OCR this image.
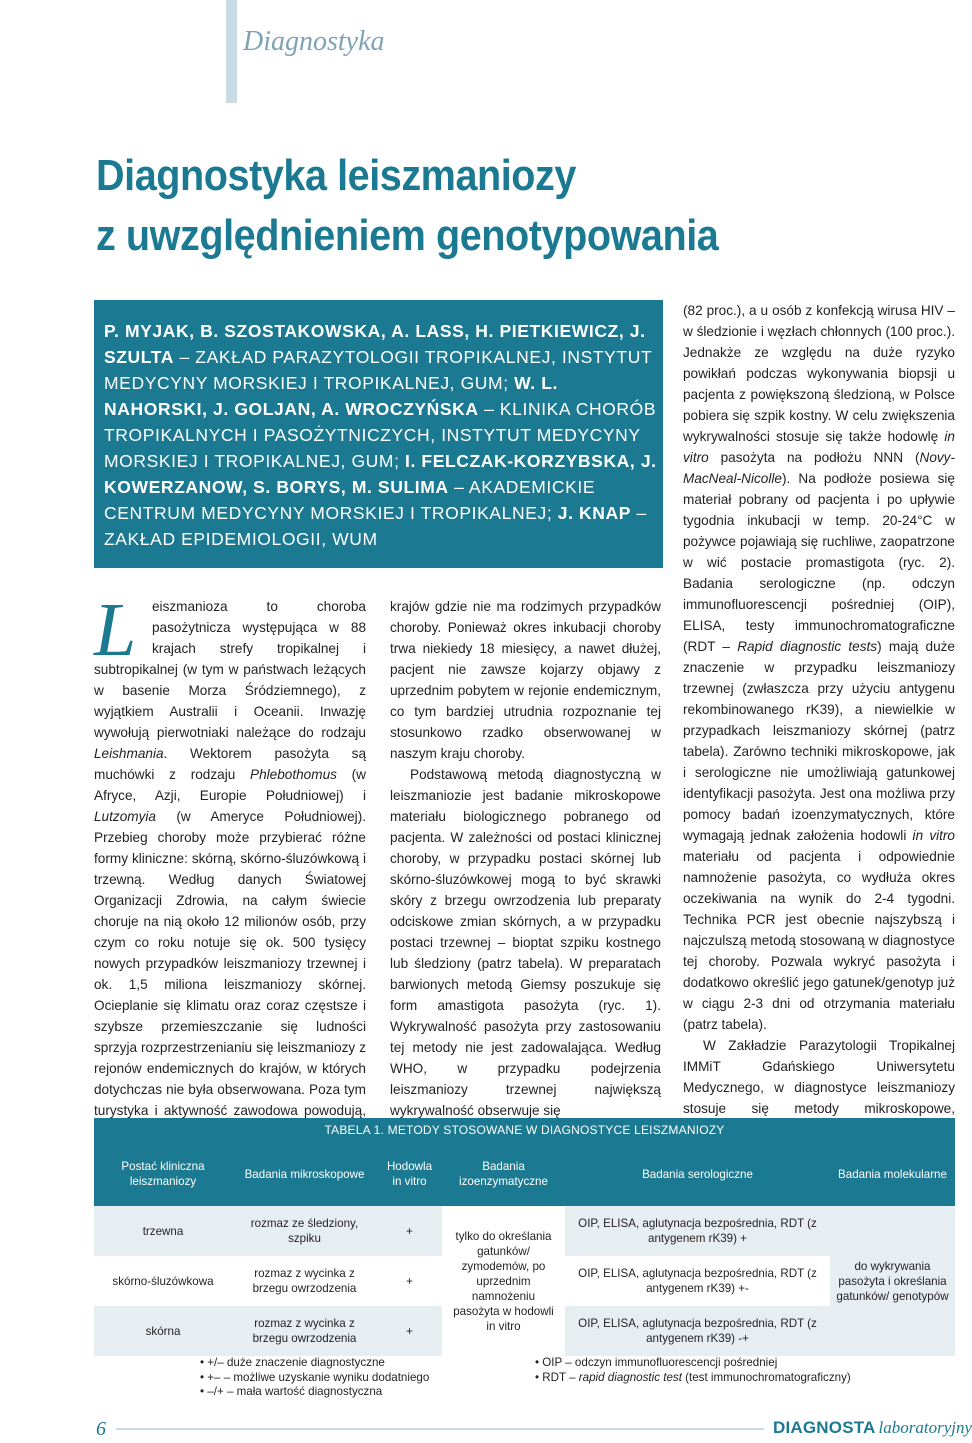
Diagnostyka
Diagnostyka leiszmaniozy
z uwzględnieniem genotypowania
P. MYJAK, B. SZOSTAKOWSKA, A. LASS, H. PIETKIEWICZ, J. SZULTA – ZAKŁAD PARAZYTOLOGII TROPIKALNEJ, INSTYTUT MEDYCYNY MORSKIEJ I TROPIKALNEJ, GUM; W. L. NAHORSKI, J. GOLJAN, A. WROCZYŃSKA – KLINIKA CHORÓB TROPIKALNYCH I PASOŻYTNICZYCH, INSTYTUT MEDYCYNY MORSKIEJ I TROPIKALNEJ, GUM; I. FELCZAK-KORZYBSKA, J. KOWERZANOW, S. BORYS, M. SULIMA – AKADEMICKIE CENTRUM MEDYCYNY MORSKIEJ I TROPIKALNEJ; J. KNAP – ZAKŁAD EPIDEMIOLOGII, WUM

L	eiszmanioza to choroba pasożytnicza występująca w 88 krajach strefy tropikalnej i subtropikalnej (w tym w państwach leżących w basenie Morza Śródziemnego), z wyjątkiem Australii i Oceanii. Inwazję wywołują pierwotniaki należące do rodzaju Leishmania. Wektorem pasożyta są muchówki z rodzaju Phlebothomus (w Afryce, Azji, Europie Południowej) i Lutzomyia (w Ameryce Południowej). Przebieg choroby może przybierać różne formy kliniczne: skórną, skórno-śluzówkową i trzewną. Według danych Światowej Organizacji Zdrowia, na całym świecie choruje na nią około 12 milionów osób, przy czym co roku notuje się ok. 500 tysięcy nowych przypadków leiszmaniozy trzewnej i ok. 1,5 miliona leiszmaniozy skórnej. Ocieplanie się klimatu oraz coraz częstsze i szybsze przemieszczanie się ludności sprzyja rozprzestrzenianiu się leiszmaniozy z rejonów endemicznych do krajów, w których dotychczas nie była obserwowana. Poza tym turystyka i aktywność zawodowa powodują,

krajów gdzie nie ma rodzimych przypadków choroby. Ponieważ okres inkubacji choroby trwa niekiedy 18 miesięcy, a nawet dłużej, pacjent nie zawsze kojarzy objawy z uprzednim pobytem w rejonie endemicznym, co tym bardziej utrudnia rozpoznanie tej stosunkowo rzadko obserwowanej w naszym kraju choroby.

Podstawową metodą diagnostyczną w leiszmaniozie jest badanie mikroskopowe materiału biologicznego pobranego od pacjenta. W zależności od postaci klinicznej choroby, w przypadku postaci skórnej lub skórno-śluzówkowej mogą to być skrawki skóry z brzegu owrzodzenia lub preparaty odciskowe zmian skórnych, a w przypadku postaci trzewnej – bioptat szpiku kostnego lub śledziony (patrz tabela). W preparatach barwionych metodą Giemsy poszukuje się form amastigota pasożyta (ryc. 1). Wykrywalność pasożyta przy zastosowaniu tej metody nie jest zadowalająca. Według WHO, w przypadku podejrzenia leiszmaniozy trzewnej największą wykrywalność obserwuje się

(82 proc.), a u osób z konfekcją wirusa HIV – w śledzionie i węzłach chłonnych (100 proc.). Jednakże ze względu na duże ryzyko powikłań podczas wykonywania biopsji u pacjenta z powiększoną śledzioną, w Polsce pobiera się szpik kostny. W celu zwiększenia wykrywalności stosuje się także hodowlę in vitro pasożyta na podłożu NNN (Novy-MacNeal-Nicolle). Na podłoże posiewa się materiał pobrany od pacjenta i po upływie tygodnia inkubacji w temp. 20-24°C w pożywce pojawiają się ruchliwe, zaopatrzone w wić postacie promastigota (ryc. 2). Badania serologiczne (np. odczyn immunofluorescencji pośredniej (OIP), ELISA, testy immunochromatograficzne (RDT – Rapid diagnostic tests) mają duże znaczenie w przypadku leiszmaniozy trzewnej (zwłaszcza przy użyciu antygenu rekombinowanego rK39), a niewielkie w przypadkach leiszmaniozy skórnej (patrz tabela). Zarówno techniki mikroskopowe, jak i serologiczne nie umożliwiają gatunkowej identyfikacji pasożyta. Jest ona możliwa przy pomocy badań izoenzymatycznych, które wymagają jednak założenia hodowli in vitro materiału od pacjenta i odpowiednie namnożenie pasożyta, co wydłuża okres oczekiwania na wynik do 2-4 tygodni. Technika PCR jest obecnie najszybszą i najczulszą metodą stosowaną w diagnostyce tej choroby. Pozwala wykryć pasożyta i dodatkowo określić jego gatunek/genotyp już w ciągu 2-3 dni od otrzymania materiału (patrz tabela).

W Zakładzie Parazytologii Tropikalnej IMMiT Gdańskiego Uniwersytetu Medycznego, w diagnostyce leiszmaniozy stosuje się metody mikroskopowe,

TABELA 1. METODY STOSOWANE W DIAGNOSTYCE LEISZMANIOZY
Postać kliniczna leiszmaniozy	Badania mikroskopowe	Hodowla in vitro	Badania izoenzymatyczne	Badania serologiczne	Badania molekularne
trzewna	rozmaz ze śledziony, szpiku	+	tylko do określania gatunków/ zymodemów, po uprzednim namnożeniu pasożyta w hodowli in vitro	OIP, ELISA, aglutynacja bezpośrednia, RDT (z antygenem rK39) +	do wykrywania pasożyta i określania gatunków/ genotypów
skórno-śluzówkowa	rozmaz z wycinka z brzegu owrzodzenia	+		OIP, ELISA, aglutynacja bezpośrednia, RDT (z antygenem rK39) +-	
skórna	rozmaz z wycinka z brzegu owrzodzenia	+		OIP, ELISA, aglutynacja bezpośrednia, RDT (z antygenem rK39) -+	
• +/– duże znaczenie diagnostyczne
• +– – możliwe uzyskanie wyniku dodatniego
• –/+ – mała wartość diagnostyczna
• OIP – odczyn immunofluorescencji pośredniej
• RDT – rapid diagnostic test (test immunochromatograficzny)
6	DIAGNOSTA laboratoryjny
